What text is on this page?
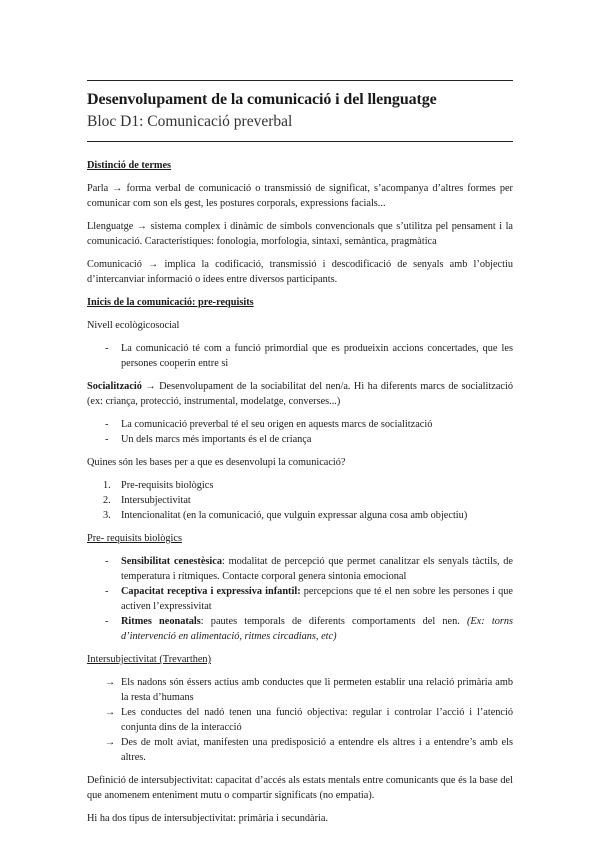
Desenvolupament de la comunicació i del llenguatge
Bloc D1: Comunicació preverbal
Distinció de termes

Parla → forma verbal de comunicació o transmissió de significat, s’acompanya d’altres formes per comunicar com son els gest, les postures corporals, expressions facials...

Llenguatge → sistema complex i dinàmic de símbols convencionals que s’utilitza pel pensament i la comunicació. Característiques: fonologia, morfologia, sintaxi, semàntica, pragmàtica

Comunicació → implica la codificació, transmissió i descodificació de senyals amb l’objectiu d’intercanviar informació o idees entre diversos participants.

Inicis de la comunicació: pre-requisits
Nivell ecològicosocial
- La comunicació té com a funció primordial que es produeixin accions concertades, que les persones cooperin entre si

Socialització → Desenvolupament de la sociabilitat del nen/a. Hi ha diferents marcs de socialització (ex: criança, protecció, instrumental, modelatge, converses...)

- La comunicació preverbal té el seu origen en aquests marcs de socialització
- Un dels marcs més importants és el de criança
Quines són les bases per a que es desenvolupi la comunicació?
1. Pre-requisits biològics
2. Intersubjectivitat
3. Intencionalitat (en la comunicació, que vulguin expressar alguna cosa amb objectiu)
Pre- requisits biològics
- Sensibilitat cenestèsica: modalitat de percepció que permet canalitzar els senyals tàctils, de temperatura i rítmiques. Contacte corporal genera sintonia emocional
- Capacitat receptiva i expressiva infantil: percepcions que té el nen sobre les persones i que activen l’expressivitat
- Ritmes neonatals: pautes temporals de diferents comportaments del nen. (Ex: torns d’intervenció en alimentació, ritmes circadians, etc)
Intersubjectivitat (Trevarthen)
→ Els nadons són éssers actius amb conductes que li permeten establir una relació primària amb la resta d’humans
→ Les conductes del nadó tenen una funció objectiva: regular i controlar l’acció i l’atenció conjunta dins de la interacció
→ Des de molt aviat, manifesten una predisposició a entendre els altres i a entendre’s amb els altres.

Definició de intersubjectivitat: capacitat d’accés als estats mentals entre comunicants que és la base del que anomenem enteniment mutu o compartir significats (no empatia).

Hi ha dos tipus de intersubjectivitat: primària i secundària.
